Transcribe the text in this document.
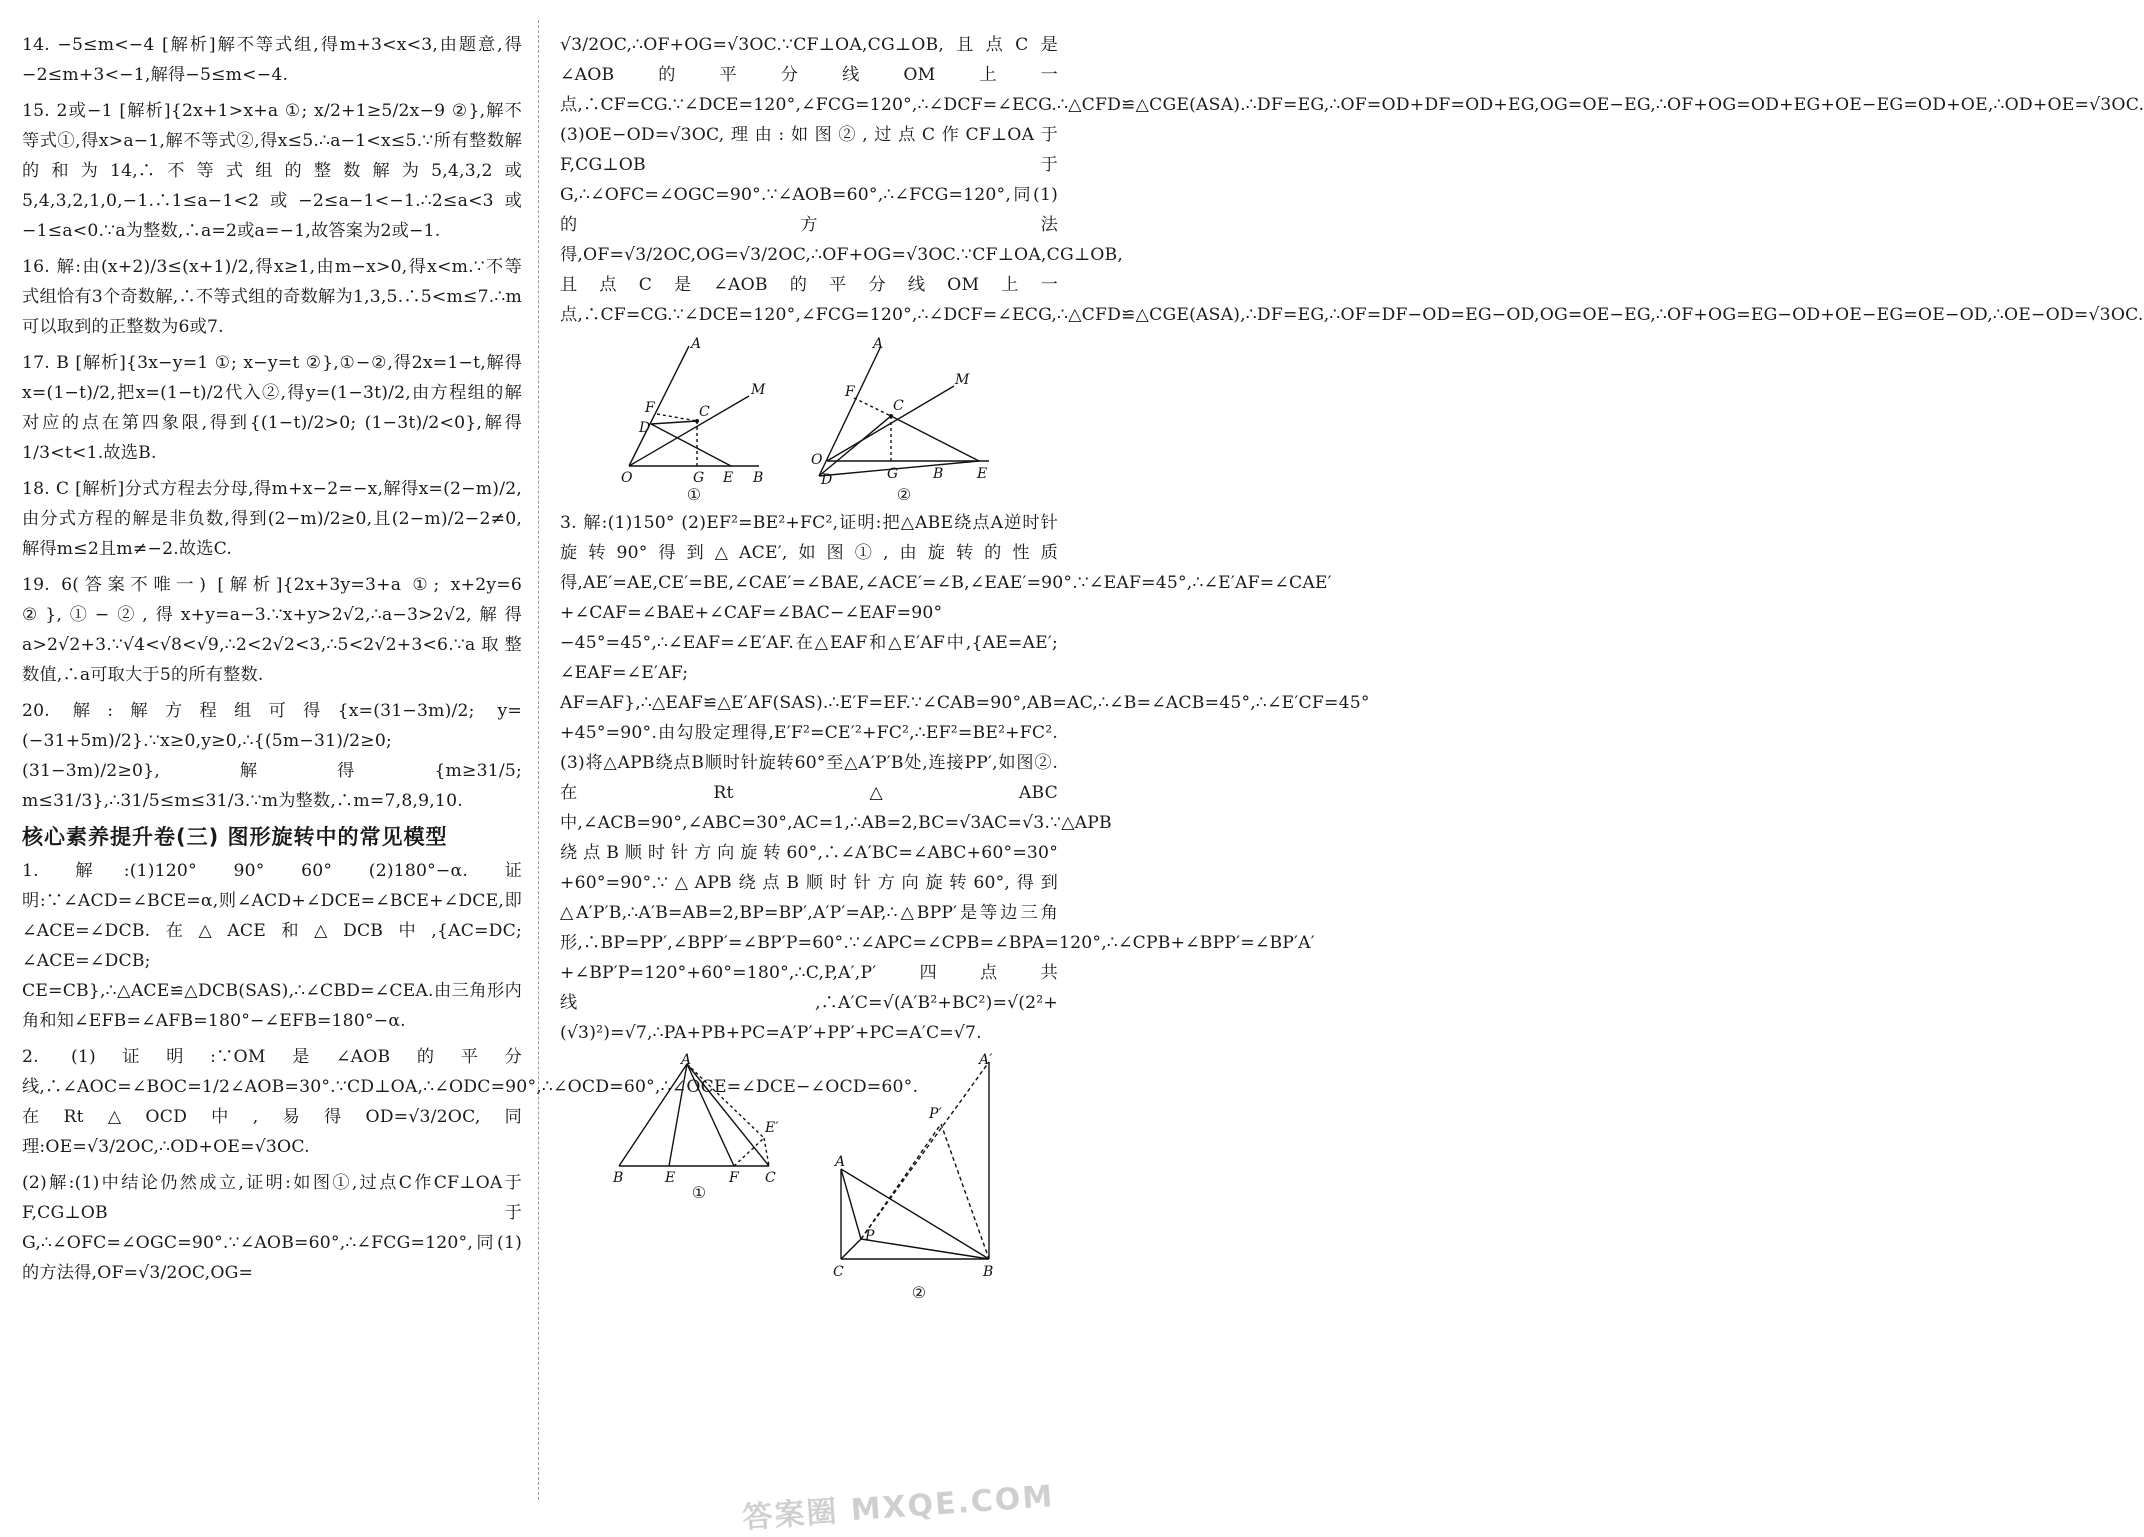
14. −5≤m<−4 [解析]解不等式组,得m+3<x<3,由题意,得−2≤m+3<−1,解得−5≤m<−4.

15. 2或−1 [解析]{2x+1>x+a ①; x/2+1≥5/2x−9 ②},解不等式①,得x>a−1,解不等式②,得x≤5.∴a−1<x≤5.∵所有整数解的和为14,∴不等式组的整数解为5,4,3,2或5,4,3,2,1,0,−1.∴1≤a−1<2或−2≤a−1<−1.∴2≤a<3或−1≤a<0.∵a为整数,∴a=2或a=−1,故答案为2或−1.

16. 解:由(x+2)/3≤(x+1)/2,得x≥1,由m−x>0,得x<m.∵不等式组恰有3个奇数解,∴不等式组的奇数解为1,3,5.∴5<m≤7.∴m可以取到的正整数为6或7.

17. B [解析]{3x−y=1 ①; x−y=t ②},①−②,得2x=1−t,解得x=(1−t)/2,把x=(1−t)/2代入②,得y=(1−3t)/2,由方程组的解对应的点在第四象限,得到{(1−t)/2>0; (1−3t)/2<0},解得1/3<t<1.故选B.

18. C [解析]分式方程去分母,得m+x−2=−x,解得x=(2−m)/2,由分式方程的解是非负数,得到(2−m)/2≥0,且(2−m)/2−2≠0,解得m≤2且m≠−2.故选C.

19. 6(答案不唯一) [解析]{2x+3y=3+a ①; x+2y=6 ②},①−②,得x+y=a−3.∵x+y>2√2,∴a−3>2√2,解得a>2√2+3.∵√4<√8<√9,∴2<2√2<3,∴5<2√2+3<6.∵a取整数值,∴a可取大于5的所有整数.

20. 解:解方程组可得{x=(31−3m)/2; y=(−31+5m)/2}.∵x≥0,y≥0,∴{(5m−31)/2≥0; (31−3m)/2≥0},解得{m≥31/5; m≤31/3},∴31/5≤m≤31/3.∵m为整数,∴m=7,8,9,10.

核心素养提升卷(三) 图形旋转中的常见模型

1. 解:(1)120° 90° 60° (2)180°−α. 证明:∵∠ACD=∠BCE=α,则∠ACD+∠DCE=∠BCE+∠DCE,即∠ACE=∠DCB.在△ACE和△DCB中,{AC=DC; ∠ACE=∠DCB; CE=CB},∴△ACE≌△DCB(SAS),∴∠CBD=∠CEA.由三角形内角和知∠EFB=∠AFB=180°−∠EFB=180°−α.

2. (1)证明:∵OM是∠AOB的平分线,∴∠AOC=∠BOC=1/2∠AOB=30°.∵CD⊥OA,∴∠ODC=90°,∴∠OCD=60°,∴∠OCE=∠DCE−∠OCD=60°.在Rt△OCD中,易得OD=√3/2OC,同理:OE=√3/2OC,∴OD+OE=√3OC.

(2)解:(1)中结论仍然成立,证明:如图①,过点C作CF⊥OA于F,CG⊥OB于G,∴∠OFC=∠OGC=90°.∵∠AOB=60°,∴∠FCG=120°,同(1)的方法得,OF=√3/2OC,OG=

√3/2OC,∴OF+OG=√3OC.∵CF⊥OA,CG⊥OB,且点C是∠AOB的平分线OM上一点,∴CF=CG.∵∠DCE=120°,∠FCG=120°,∴∠DCF=∠ECG.∴△CFD≌△CGE(ASA).∴DF=EG,∴OF=OD+DF=OD+EG,OG=OE−EG,∴OF+OG=OD+EG+OE−EG=OD+OE,∴OD+OE=√3OC. (3)OE−OD=√3OC,理由:如图②,过点C作CF⊥OA于F,CG⊥OB于G,∴∠OFC=∠OGC=90°.∵∠AOB=60°,∴∠FCG=120°,同(1)的方法得,OF=√3/2OC,OG=√3/2OC,∴OF+OG=√3OC.∵CF⊥OA,CG⊥OB,且点C是∠AOB的平分线OM上一点,∴CF=CG.∵∠DCE=120°,∠FCG=120°,∴∠DCF=∠ECG,∴△CFD≌△CGE(ASA),∴DF=EG,∴OF=DF−OD=EG−OD,OG=OE−EG,∴OF+OG=EG−OD+OE−EG=OE−OD,∴OE−OD=√3OC.

A
M
F
D
C
O	G E B
①
A
M
F
C
O
D	G B E
②

3. 解:(1)150° (2)EF²=BE²+FC²,证明:把△ABE绕点A逆时针旋转90°得到△ACE′,如图①,由旋转的性质得,AE′=AE,CE′=BE,∠CAE′=∠BAE,∠ACE′=∠B,∠EAE′=90°.∵∠EAF=45°,∴∠E′AF=∠CAE′+∠CAF=∠BAE+∠CAF=∠BAC−∠EAF=90°−45°=45°,∴∠EAF=∠E′AF.在△EAF和△E′AF中,{AE=AE′; ∠EAF=∠E′AF; AF=AF},∴△EAF≌△E′AF(SAS).∴E′F=EF.∵∠CAB=90°,AB=AC,∴∠B=∠ACB=45°,∴∠E′CF=45°+45°=90°.由勾股定理得,E′F²=CE′²+FC²,∴EF²=BE²+FC². (3)将△APB绕点B顺时针旋转60°至△A′P′B处,连接PP′,如图②.在Rt△ABC中,∠ACB=90°,∠ABC=30°,AC=1,∴AB=2,BC=√3AC=√3.∵△APB绕点B顺时针方向旋转60°,∴∠A′BC=∠ABC+60°=30°+60°=90°.∵△APB绕点B顺时针方向旋转60°,得到△A′P′B,∴A′B=AB=2,BP=BP′,A′P′=AP,∴△BPP′是等边三角形,∴BP=PP′,∠BPP′=∠BP′P=60°.∵∠APC=∠CPB=∠BPA=120°,∴∠CPB+∠BPP′=∠BP′A′+∠BP′P=120°+60°=180°,∴C,P,A′,P′四点共线,∴A′C=√(A′B²+BC²)=√(2²+(√3)²)=√7,∴PA+PB+PC=A′P′+PP′+PC=A′C=√7.

A
E′
B	E	F C
①
A′
P′
A
P
C	B
②
答案圈 MXQE.COM
